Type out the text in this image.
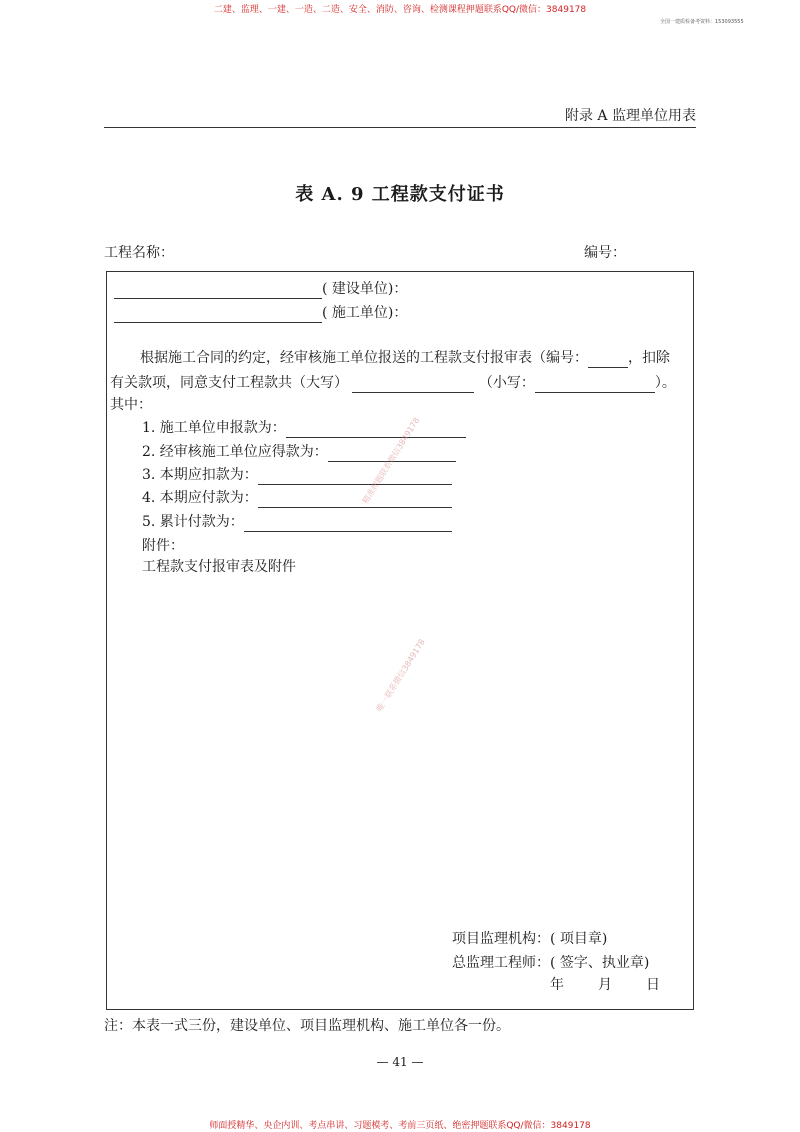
二建、监理、一建、一造、二造、安全、消防、咨询、检测课程押题联系QQ/微信：3849178
全国一建质检备考资料：153093555
附录 A 监理单位用表
表 A. 9 工程款支付证书
工程名称：	编号：
( 建设单位)：
( 施工单位)：
根据施工合同的约定，经审核施工单位报送的工程款支付报审表（编号：	，扣除
有关款项，同意支付工程款共（大写）	（小写：	）。
其中：
1. 施工单位申报款为：
2. 经审核施工单位应得款为：
3. 本期应扣款为：
4. 本期应付款为：
5. 累计付款为：
附件：
工程款支付报审表及附件
精准押题联系微信3849178
唯一联系微信3849178
项目监理机构：( 项目章)
总监理工程师：( 签字、执业章)
年 月 日
注：本表一式三份，建设单位、项目监理机构、施工单位各一份。
— 41 —
师面授精华、央企内训、考点串讲、习题模考、考前三页纸、绝密押题联系QQ/微信：3849178
